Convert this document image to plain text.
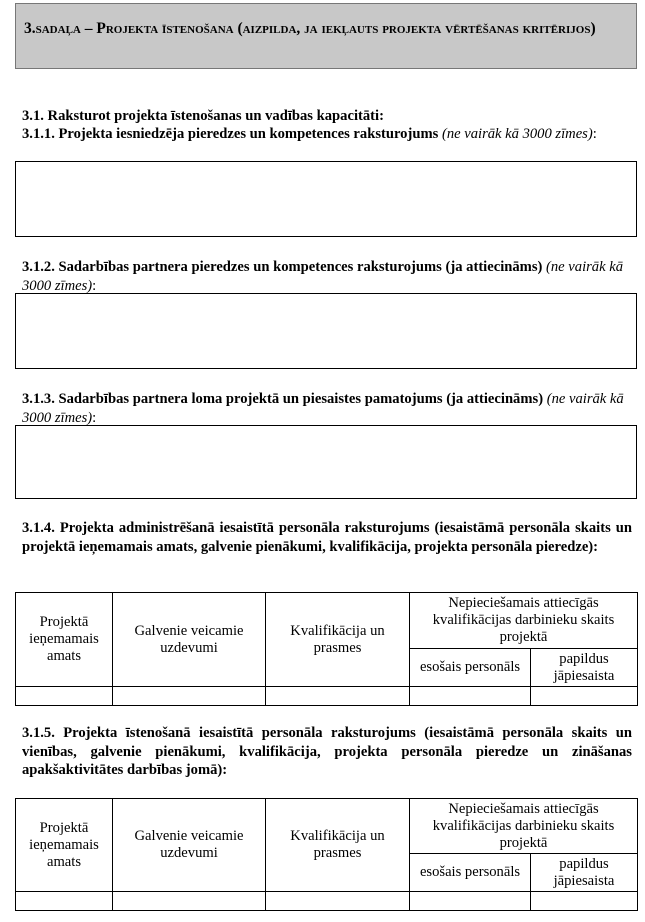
3.sadaļa – Projekta īstenošana (aizpilda, ja iekļauts projekta vērtēšanas kritērijos)
3.1. Raksturot projekta īstenošanas un vadības kapacitāti:
3.1.1. Projekta iesniedzēja pieredzes un kompetences raksturojums (ne vairāk kā 3000 zīmes):
3.1.2. Sadarbības partnera pieredzes un kompetences raksturojums (ja attiecināms) (ne vairāk kā 3000 zīmes):
3.1.3. Sadarbības partnera loma projektā un piesaistes pamatojums (ja attiecināms) (ne vairāk kā 3000 zīmes):
3.1.4. Projekta administrēšanā iesaistītā personāla raksturojums (iesaistāmā personāla skaits un projektā ieņemamais amats, galvenie pienākumi, kvalifikācija, projekta personāla pieredze):
Projektā ieņemamais amats	Galvenie veicamie uzdevumi	Kvalifikācija un prasmes	Nepieciešamais attiecīgās kvalifikācijas darbinieku skaits projektā	
			esošais personāls	papildus jāpiesaista

3.1.5. Projekta īstenošanā iesaistītā personāla raksturojums (iesaistāmā personāla skaits un vienības, galvenie pienākumi, kvalifikācija, projekta personāla pieredze un zināšanas apakšaktivitātes darbības jomā):
Projektā ieņemamais amats	Galvenie veicamie uzdevumi	Kvalifikācija un prasmes	Nepieciešamais attiecīgās kvalifikācijas darbinieku skaits projektā	
			esošais personāls	papildus jāpiesaista
